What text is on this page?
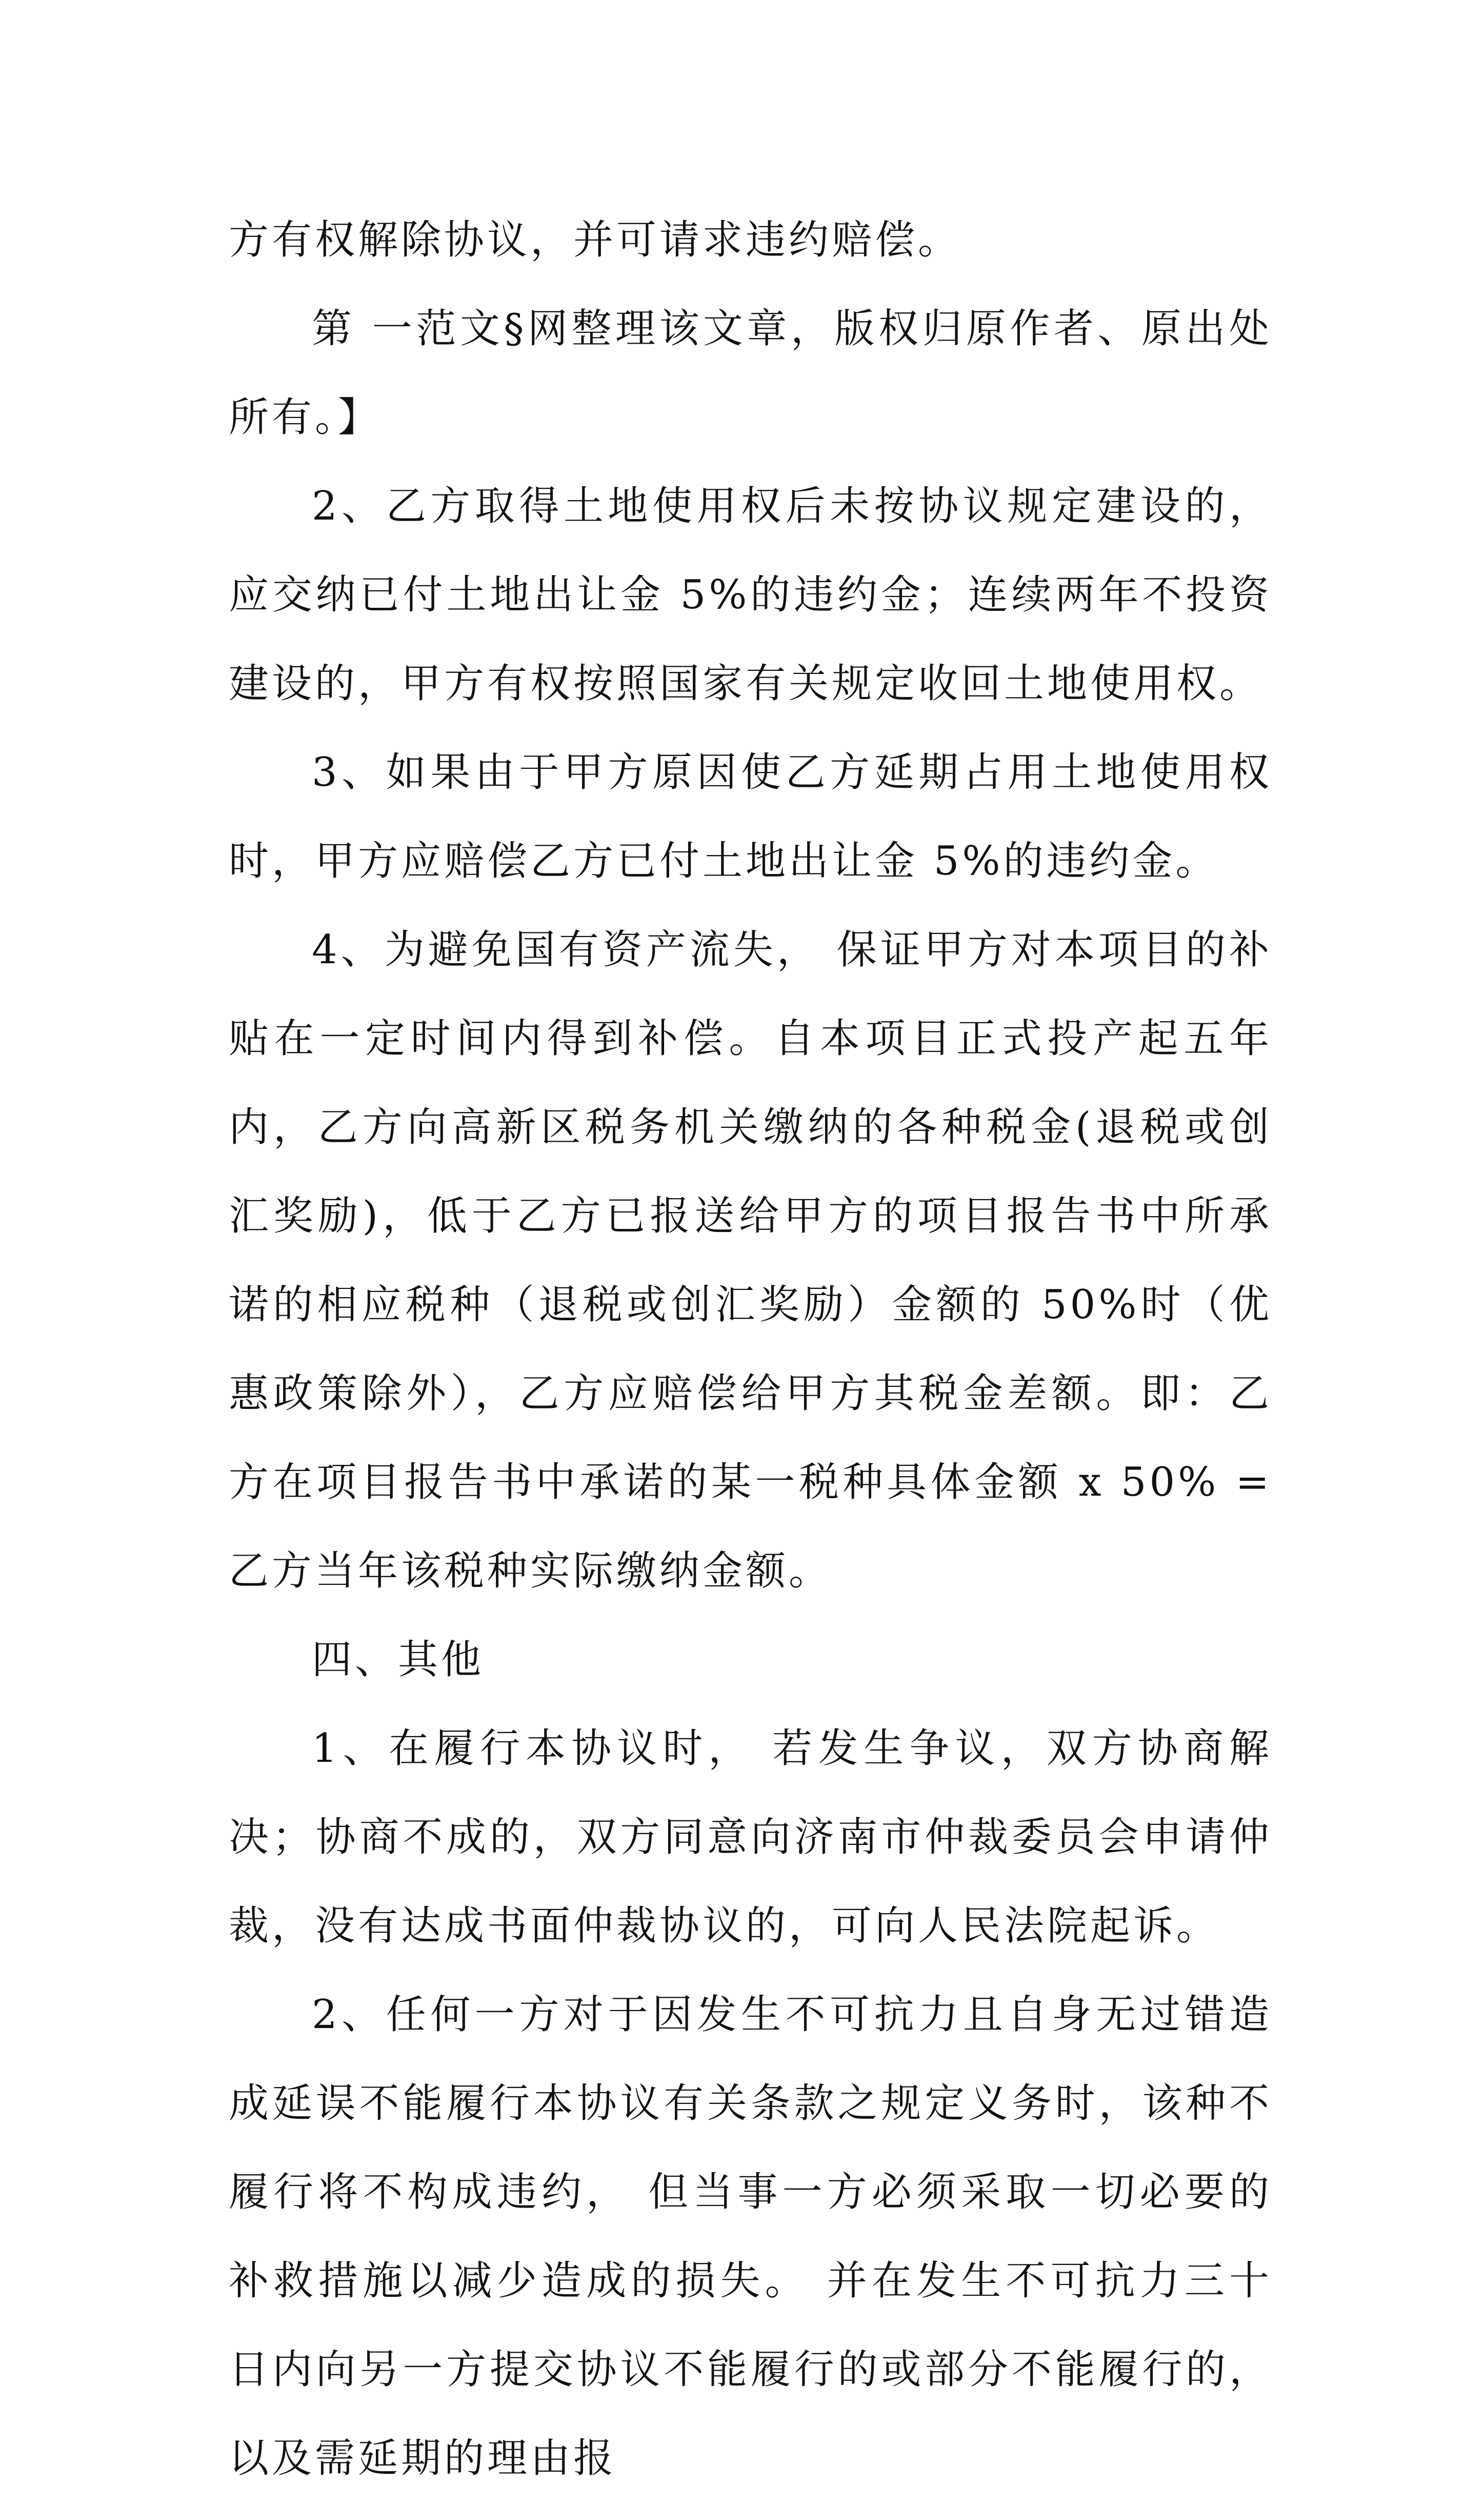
方有权解除协议，并可请求违约赔偿。

第 一范文§网整理该文章，版权归原作者、原出处所有。】

2、乙方取得土地使用权后未按协议规定建设的，应交纳已付土地出让金 5%的违约金；连续两年不投资建设的，甲方有权按照国家有关规定收回土地使用权。

3、如果由于甲方原因使乙方延期占用土地使用权时，甲方应赔偿乙方已付土地出让金 5%的违约金。

4、为避免国有资产流失， 保证甲方对本项目的补贴在一定时间内得到补偿。自本项目正式投产起五年内，乙方向高新区税务机关缴纳的各种税金(退税或创汇奖励)，低于乙方已报送给甲方的项目报告书中所承诺的相应税种（退税或创汇奖励）金额的 50%时（优惠政策除外），乙方应赔偿给甲方其税金差额。即：乙方在项目报告书中承诺的某一税种具体金额 x 50% = 乙方当年该税种实际缴纳金额。

四、其他

1、在履行本协议时， 若发生争议，双方协商解决；协商不成的，双方同意向济南市仲裁委员会申请仲裁，没有达成书面仲裁协议的，可向人民法院起诉。

2、任何一方对于因发生不可抗力且自身无过错造成延误不能履行本协议有关条款之规定义务时，该种不履行将不构成违约， 但当事一方必须采取一切必要的补救措施以减少造成的损失。 并在发生不可抗力三十日内向另一方提交协议不能履行的或部分不能履行的，以及需延期的理由报
